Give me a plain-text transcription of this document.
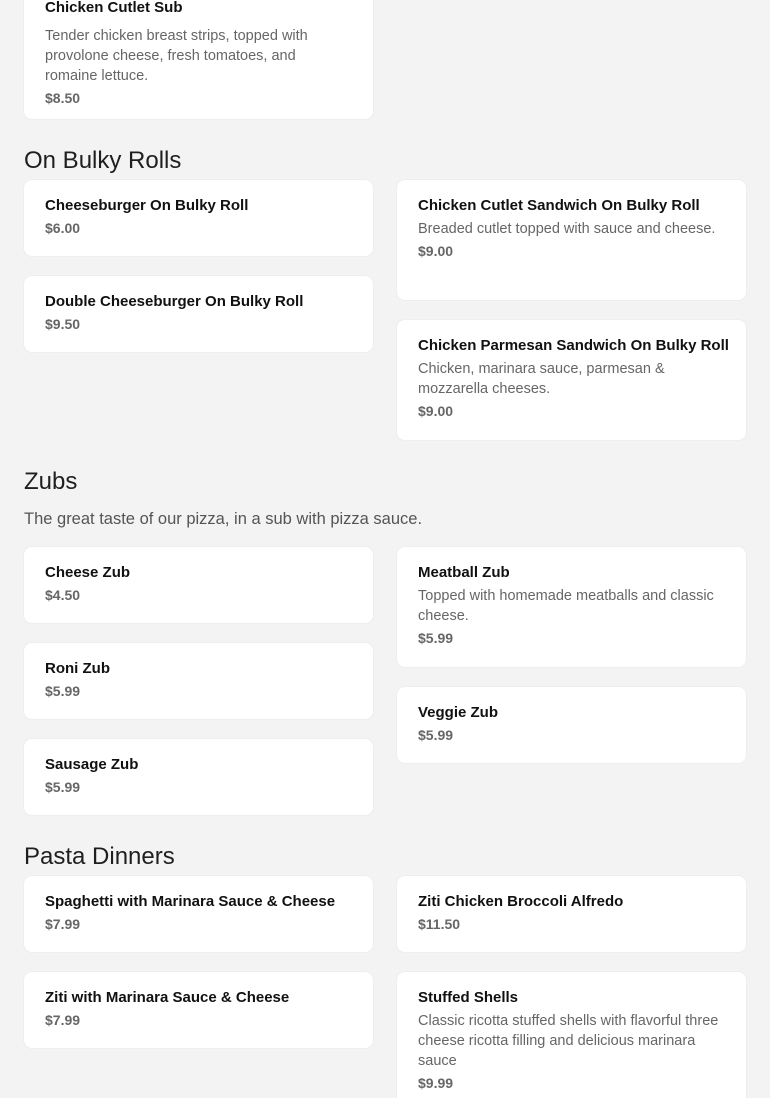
Chicken Cutlet Sub

Tender chicken breast strips, topped with provolone cheese, fresh tomatoes, and romaine lettuce.

$8.50

On Bulky Rolls

Cheeseburger On Bulky Roll

$6.00

Chicken Cutlet Sandwich On Bulky Roll

Breaded cutlet topped with sauce and cheese.

$9.00

Double Cheeseburger On Bulky Roll

$9.50

Chicken Parmesan Sandwich On Bulky Roll

Chicken, marinara sauce, parmesan & mozzarella cheeses.

$9.00

Zubs

The great taste of our pizza, in a sub with pizza sauce.

Cheese Zub

$4.50

Meatball Zub

Topped with homemade meatballs and classic cheese.

$5.99

Roni Zub

$5.99

Veggie Zub

$5.99

Sausage Zub

$5.99

Pasta Dinners

Spaghetti with Marinara Sauce & Cheese

$7.99

Ziti Chicken Broccoli Alfredo

$11.50

Ziti with Marinara Sauce & Cheese

$7.99

Stuffed Shells

Classic ricotta stuffed shells with flavorful three cheese ricotta filling and delicious marinara sauce

$9.99
